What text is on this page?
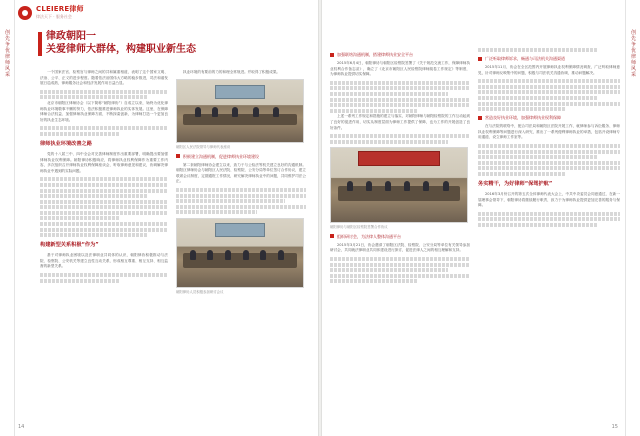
创先争优律师风采
CLEIERE律师
律法天下 · 服务社会
律政朝阳一
关爱律师大群体，构建职业新生态

一个国家法官、检察官与律师之间的共和属重相道，表明了这个国家文明、法治、公平、正义的进步程度。随着依法治国伟大方略的稳步推进，司法和谐发展日趋成熟，律师服务社会和经济发展作用日益凸显。

北京市朝阳区律师协会（以下简称“朝阳律协”）自成立以来，始终为优化律师执业环境敬事不懈的努力，依法积极推进律师执业的实体发展。这里，在保障律师合法权益、加强律师执业保障方面，不断探索创新，为律师打造一个更加良好的执业生态环境。

律师执业环境改善之路

党的十八届三中、四中全会对完善律师制度作出重要部署，明确提出要加强律师执业权利保障。朝阳律协积极响应，将律师执业权利保障作为重要工作内容，多次组织召开律师执业权利保障座谈会，听取律师意见和建议，协调解决律师执业中遇到的实际问题。

构建新型关系积极“作为”

基于对律师执业困境以及法律职业共同体的认识，朝阳律协积极推动与法院、检察院、公安机关等建立良性互动关系，形成相互尊重、相互支持、相互监督的新型关系。

执业环境的有要前的力的和理全常规进。并取得了积极成果。

朝阳区人民法院领导与律师代表座谈
积极建立沟通机制，促进律师执业环境建设

第二套朝阳律师协会建立以来，致力于与公检法等机关建立良好的沟通机制。朝阳区律师协会与朝阳区人民法院、检察院、公安分局等单位签订合作协议，建立联席会议制度，定期通报工作情况，研究解决律师执业中的问题，共同维护司法公正。

朝阳律协人员积极参加研讨会议
14
创先争优律师风采
加强联络沟通机制，搭建律师执业安全平台

2015年6月4日，朝阳律协与朝阳区检察院签署了《关于规范交流工作，保障律师执业权利合作备忘录》，确立了《北京市朝阳区人民检察院律师阅卷工作规定》等制度，为律师执业提供切实保障。

上述一系列工作规定和措施的建立与落实，对朝阳律师与朝阳检察院的工作互动起到了良好的促进作用，切实从制度层面为律师工作提供了保障，也为工作的开展创造了良好条件。

朝阳律协与朝阳区检察院签署合作协议
组织研讨会，为法律人整体沟通平台

2015年3月21日，协会邀请了朝阳区法院、检察院、公安分局等单位有关领导参加研讨会，共同就法律职业共同体建设进行探讨，促进法律人之间的相互理解和支持。

广泛听取律师诉求，畅通与司法机关沟通渠道

2015年11月，协会在全区范围内开展律师执业权利保障情况调查，广泛听取律师意见，针对律师反映集中的问题，积极与司法机关沟通协调，推动问题解决。

营造良好执业环境，加强律师执业权利保障

在与法院的联络中，配合司法局和朝阳区法院开展工作，就律师参与诉讼服务、律师执业权利保障等问题进行深入研究，推出了一系列便利律师执业的举措，包括开设律师专用通道、设立律师工作室等。

务实精干，为好律师“保驾护航”

2016年3月份召开的第五次全体律师代表大会上，中共中央委员会同意通过，在新一届理事会领导下，朝阳律协将继续履行职责，致力于为律师执业提供更加完善的服务与保障。

15
